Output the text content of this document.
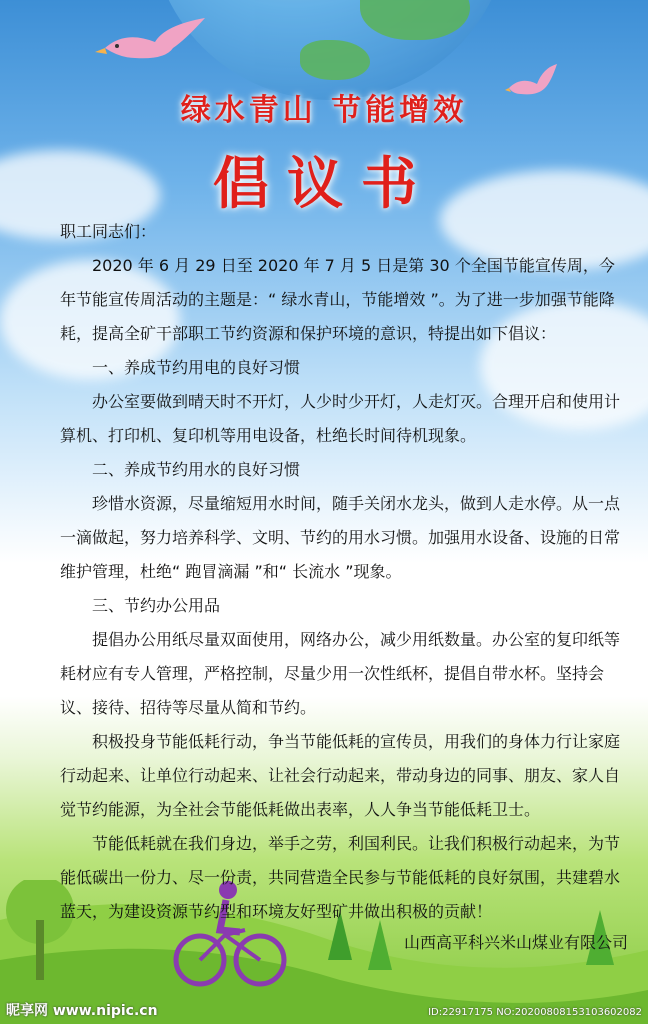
绿水青山 节能增效
倡议书

职工同志们：

2020 年 6 月 29 日至 2020 年 7 月 5 日是第 30 个全国节能宣传周，今年节能宣传周活动的主题是：“ 绿水青山，节能增效 ”。为了进一步加强节能降耗，提高全矿干部职工节约资源和保护环境的意识，特提出如下倡议：

一、养成节约用电的良好习惯

办公室要做到晴天时不开灯，人少时少开灯，人走灯灭。合理开启和使用计算机、打印机、复印机等用电设备，杜绝长时间待机现象。

二、养成节约用水的良好习惯

珍惜水资源，尽量缩短用水时间，随手关闭水龙头，做到人走水停。从一点一滴做起，努力培养科学、文明、节约的用水习惯。加强用水设备、设施的日常维护管理，杜绝“ 跑冒滴漏 ”和“ 长流水 ”现象。

三、节约办公用品

提倡办公用纸尽量双面使用，网络办公，减少用纸数量。办公室的复印纸等耗材应有专人管理，严格控制，尽量少用一次性纸杯，提倡自带水杯。坚持会议、接待、招待等尽量从简和节约。

积极投身节能低耗行动，争当节能低耗的宣传员，用我们的身体力行让家庭行动起来、让单位行动起来、让社会行动起来，带动身边的同事、朋友、家人自觉节约能源，为全社会节能低耗做出表率，人人争当节能低耗卫士。

节能低耗就在我们身边，举手之劳，利国利民。让我们积极行动起来，为节能低碳出一份力、尽一份责，共同营造全民参与节能低耗的良好氛围，共建碧水蓝天，为建设资源节约型和环境友好型矿井做出积极的贡献！

山西高平科兴米山煤业有限公司
昵享网 www.nipic.cn	ID:22917175 NO:20200808153103602082
